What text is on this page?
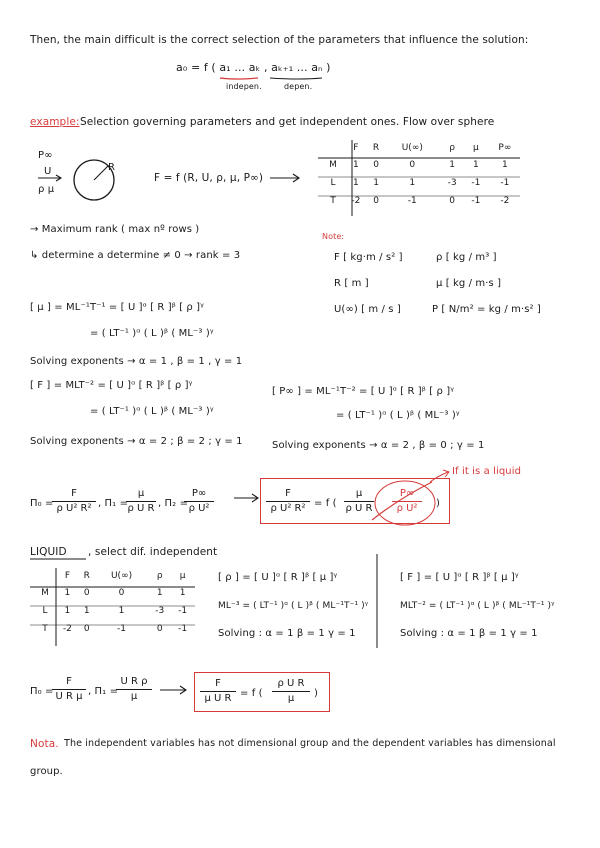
Then, the main difficult is the correct selection of the parameters that influence the solution:
a₀ = f ( a₁ ... aₖ , aₖ₊₁ ... aₙ )
indepen.	depen.
example: Selection governing parameters and get independent ones. Flow over sphere
P∞
U
ρ μ
R
F = f (R, U, ρ, μ, P∞)
	F	R	U(∞)	ρ	μ	P∞
M	1	0	0	1	1	1
L	1	1	1	-3	-1	-1
T	-2	0	-1	0	-1	-2
→ Maximum rank ( max nº rows )
↳ determine a determine ≠ 0 → rank = 3
Note:
F [ kg·m / s² ]	ρ [ kg / m³ ]
R [ m ]	μ [ kg / m·s ]
U(∞) [ m / s ]	P [ N/m² = kg / m·s² ]
[ μ ] = ML⁻¹T⁻¹ = [ U ]ᵅ [ R ]ᵝ [ ρ ]ᵞ
= ( LT⁻¹ )ᵅ ( L )ᵝ ( ML⁻³ )ᵞ
Solving exponents → α = 1 , β = 1 , γ = 1
[ F ] = MLT⁻² = [ U ]ᵅ [ R ]ᵝ [ ρ ]ᵞ
= ( LT⁻¹ )ᵅ ( L )ᵝ ( ML⁻³ )ᵞ
Solving exponents → α = 2 ; β = 2 ; γ = 1
[ P∞ ] = ML⁻¹T⁻² = [ U ]ᵅ [ R ]ᵝ [ ρ ]ᵞ
= ( LT⁻¹ )ᵅ ( L )ᵝ ( ML⁻³ )ᵞ
Solving exponents → α = 2 , β = 0 ; γ = 1
Π₀ =
F
ρ U² R² , Π₁ =
μ
ρ U R , Π₂ =
P∞
ρ U²
F
ρ U² R² = f (
μ
ρ U R
P∞
ρ U²	)
If it is a liquid
LIQUID , select dif. independent
	F	R	U(∞)	ρ	μ
M	1	0	0	1	1
L	1	1	1	-3	-1
T	-2	0	-1	0	-1
[ ρ ] = [ U ]ᵅ [ R ]ᵝ [ μ ]ᵞ
ML⁻³ = ( LT⁻¹ )ᵅ ( L )ᵝ ( ML⁻¹T⁻¹ )ᵞ
Solving : α = 1 β = 1 γ = 1
[ F ] = [ U ]ᵅ [ R ]ᵝ [ μ ]ᵞ
MLT⁻² = ( LT⁻¹ )ᵅ ( L )ᵝ ( ML⁻¹T⁻¹ )ᵞ
Solving : α = 1 β = 1 γ = 1
Π₀ =
F
U R μ , Π₁ =
U R ρ
μ
F
μ U R = f (
ρ U R
μ	)
Nota. The independent variables has not dimensional group and the dependent variables has dimensional
group.
